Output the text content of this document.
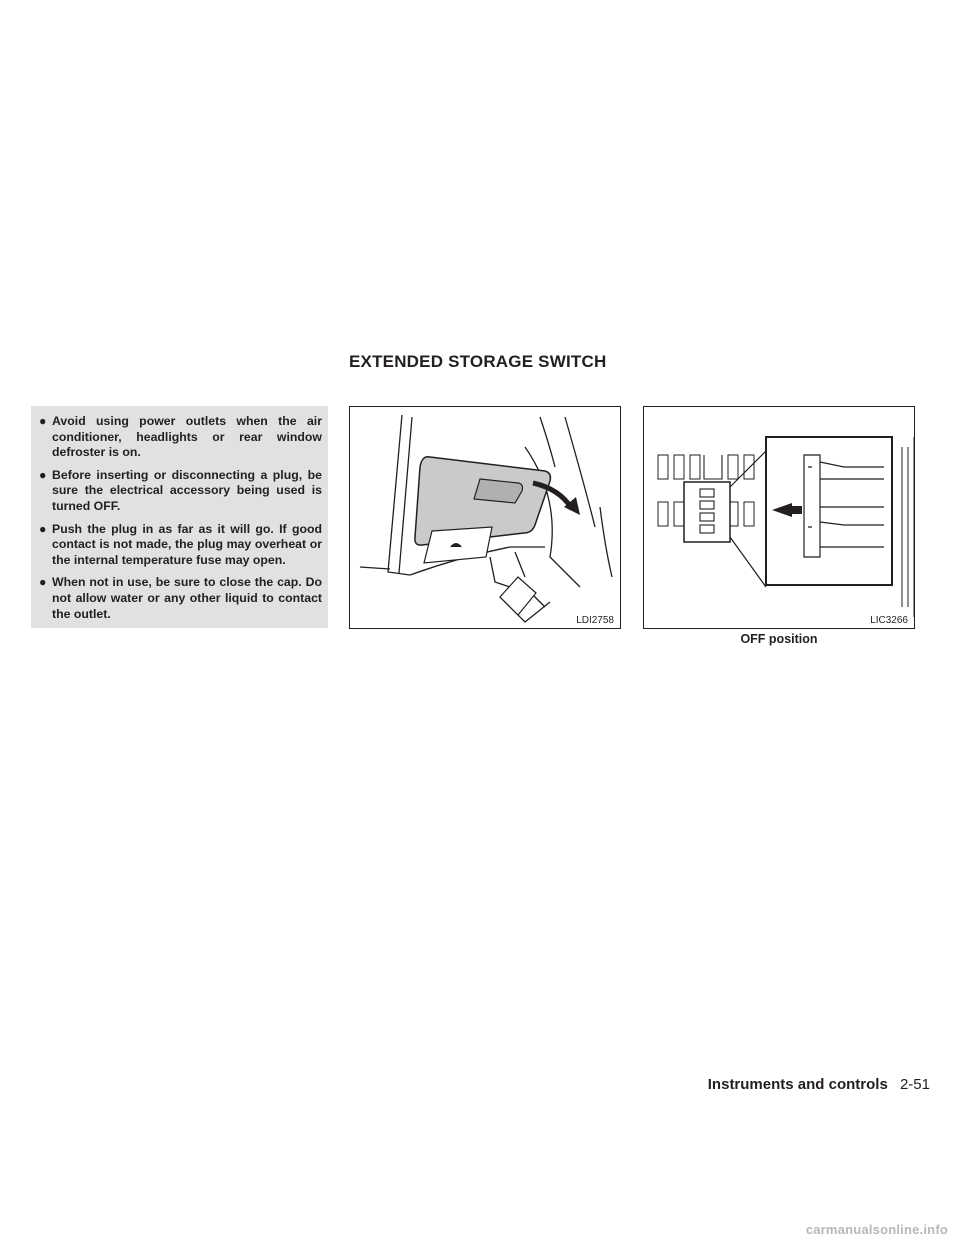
EXTENDED STORAGE SWITCH
● Avoid using power outlets when the air conditioner, headlights or rear window defroster is on.
● Before inserting or disconnecting a plug, be sure the electrical accessory being used is turned OFF.
● Push the plug in as far as it will go. If good contact is not made, the plug may overheat or the internal temperature fuse may open.
● When not in use, be sure to close the cap. Do not allow water or any other liquid to contact the outlet.	LDI2758	LIC3266
OFF position
Instruments and controls 2-51
carmanualsonline.info
